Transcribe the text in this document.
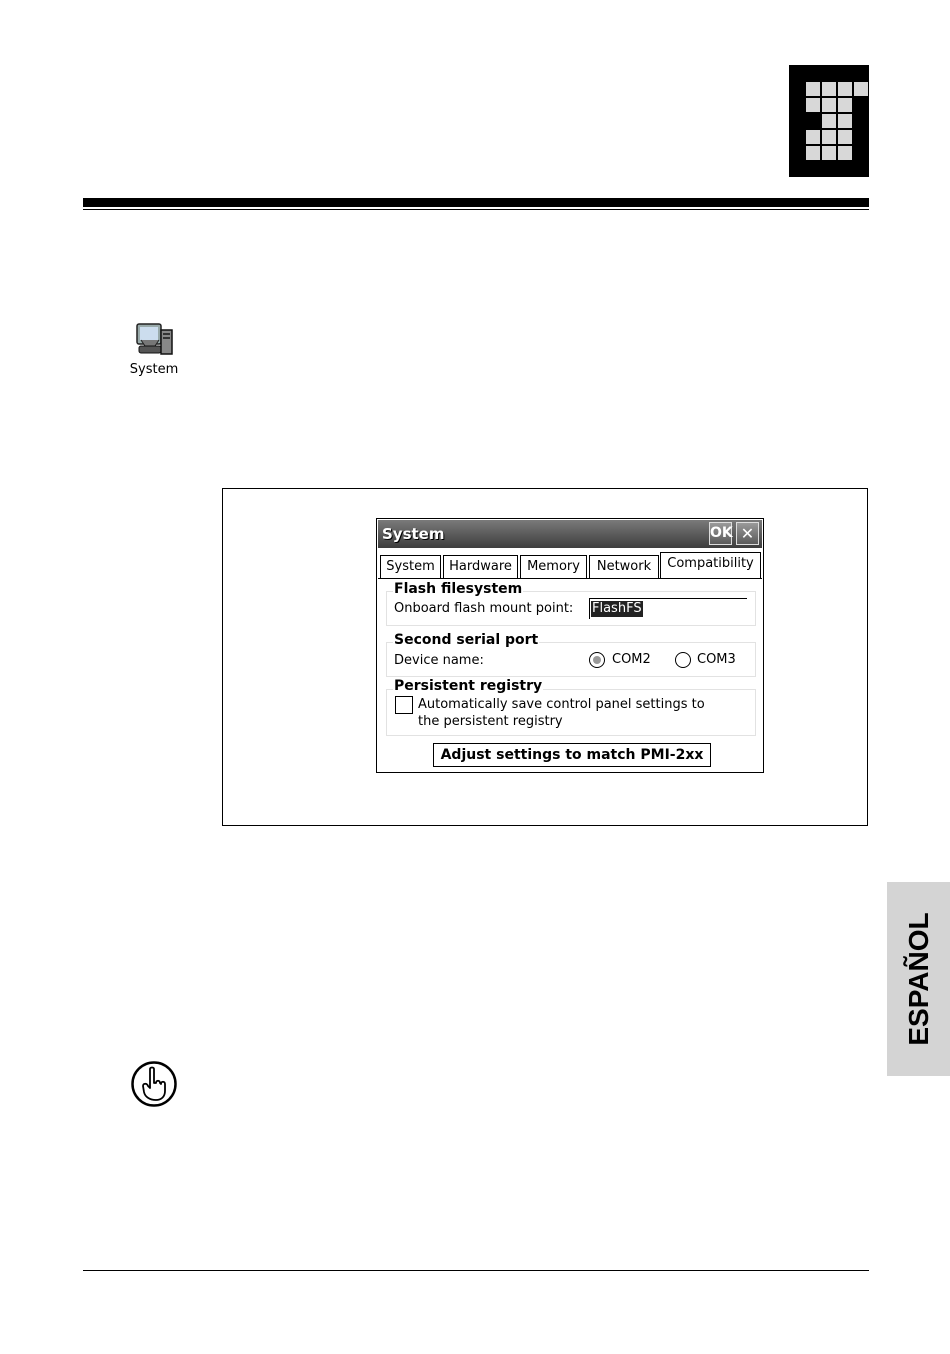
System
System	OK ✕
System	Hardware	Memory	Network	Compatibility
Flash filesystem
Onboard flash mount point: FlashFS
Second serial port
Device name:	COM2	COM3
Persistent registry
Automatically save control panel settings to
the persistent registry
Adjust settings to match PMI-2xx
ESPAÑOL
